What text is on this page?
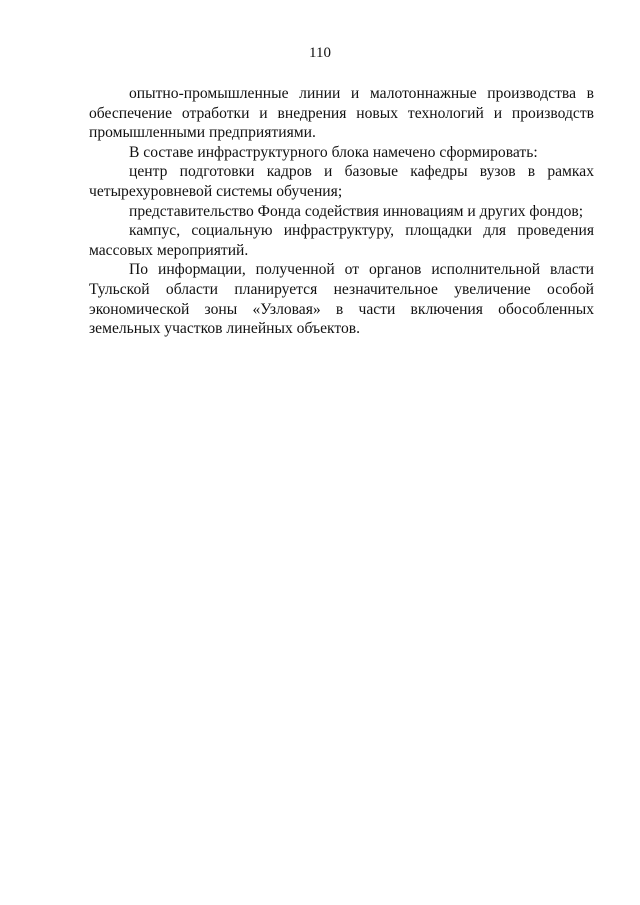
110

опытно-промышленные линии и малотоннажные производства в обеспечение отработки и внедрения новых технологий и производств промышленными предприятиями.

В составе инфраструктурного блока намечено сформировать:

центр подготовки кадров и базовые кафедры вузов в рамках четырехуровневой системы обучения;

представительство Фонда содействия инновациям и других фондов;

кампус, социальную инфраструктуру, площадки для проведения массовых мероприятий.

По информации, полученной от органов исполнительной власти Тульской области планируется незначительное увеличение особой экономической зоны «Узловая» в части включения обособленных земельных участков линейных объектов.
